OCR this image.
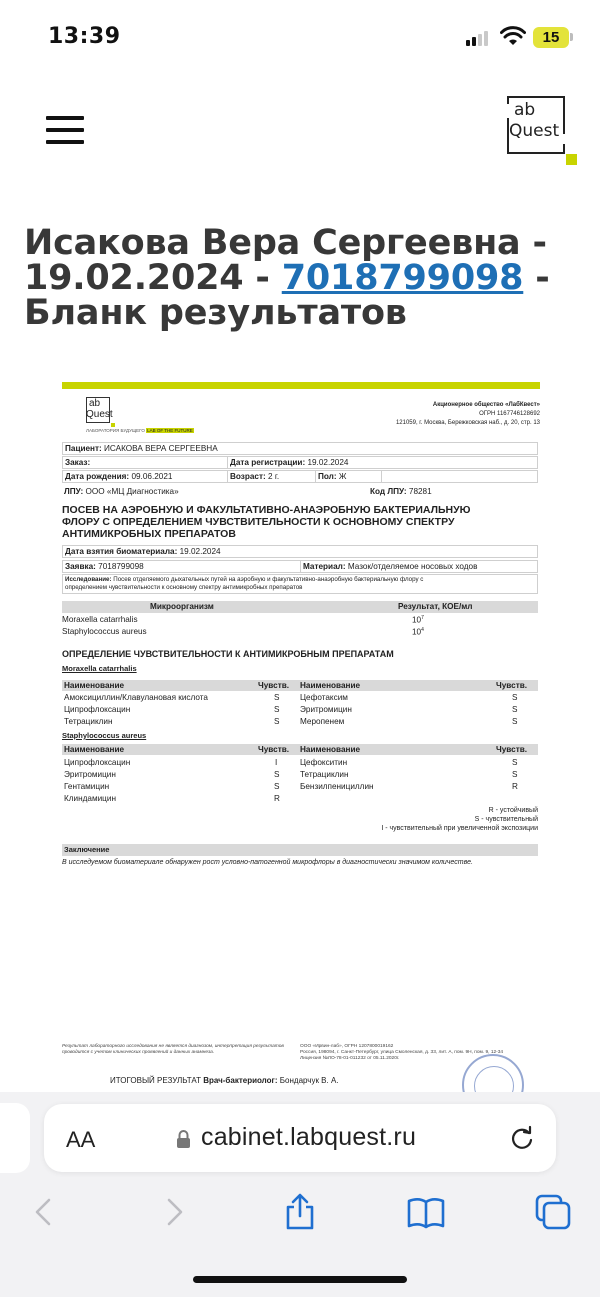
13:39	15
ab
Quest
Исакова Вера Сергеевна -
19.02.2024 - 7018799098 -
Бланк результатов
ab
Quest
ЛАБОРАТОРИЯ БУДУЩЕГО LAB OF THE FUTURE
Акционерное общество «ЛабКвест»
ОГРН 1167746128692
121059, г. Москва, Бережковская наб., д. 20, стр. 13
Пациент: ИСАКОВА ВЕРА СЕРГЕЕВНА
Заказ:	Дата регистрации: 19.02.2024
Дата рождения: 09.06.2021	Возраст: 2 г.	Пол: Ж
ЛПУ: ООО «МЦ Диагностика»	Код ЛПУ: 78281
ПОСЕВ НА АЭРОБНУЮ И ФАКУЛЬТАТИВНО-АНАЭРОБНУЮ БАКТЕРИАЛЬНУЮ ФЛОРУ С ОПРЕДЕЛЕНИЕМ ЧУВСТВИТЕЛЬНОСТИ К ОСНОВНОМУ СПЕКТРУ АНТИМИКРОБНЫХ ПРЕПАРАТОВ
Дата взятия биоматериала: 19.02.2024
Заявка: 7018799098	Материал: Мазок/отделяемое носовых ходов
Исследование: Посев отделяемого дыхательных путей на аэробную и факультативно-анаэробную бактериальную флору с
определением чувствительности к основному спектру антимикробных препаратов
Микроорганизм	Результат, КОЕ/мл
Moraxella catarrhalis	$10^7$
Staphylococcus aureus	$10^4$
ОПРЕДЕЛЕНИЕ ЧУВСТВИТЕЛЬНОСТИ К АНТИМИКРОБНЫМ ПРЕПАРАТАМ
Moraxella catarrhalis
Наименование	Чувств. Наименование	Чувств.
Амоксициллин/Клавулановая кислота	S	Цефотаксим	S
Ципрофлоксацин	S	Эритромицин	S
Тетрациклин	S	Меропенем	S
Staphylococcus aureus
Наименование	Чувств. Наименование	Чувств.
Ципрофлоксацин	I	Цефокситин	S
Эритромицин	S	Тетрациклин	S
Гентамицин	S	Бензилпенициллин	R
Клиндамицин	R
R - устойчивый
S - чувствительный
I - чувствительный при увеличенной экспозиции
Заключение
В исследуемом биоматериале обнаружен рост условно-патогенной микрофлоры в диагностически значимом количестве.
Результат лабораторного исследования не является диагнозом, интерпретация результатов проводится с учетом клинических проявлений и данных анамнеза.
ООО «Ирвин-лаб», ОГРН 1207800019162
Россия, 198094, г. Санкт-Петербург, улица Смоленская, д. 33, лит. А, пом. 9Н, пом. 9, 12-34
Лицензия №ЛО-78-01-011232 от 05.11.2020г.
ИТОГОВЫЙ РЕЗУЛЬТАТ Врач-бактериолог: Бондарчук В. А.
AA	cabinet.labquest.ru
